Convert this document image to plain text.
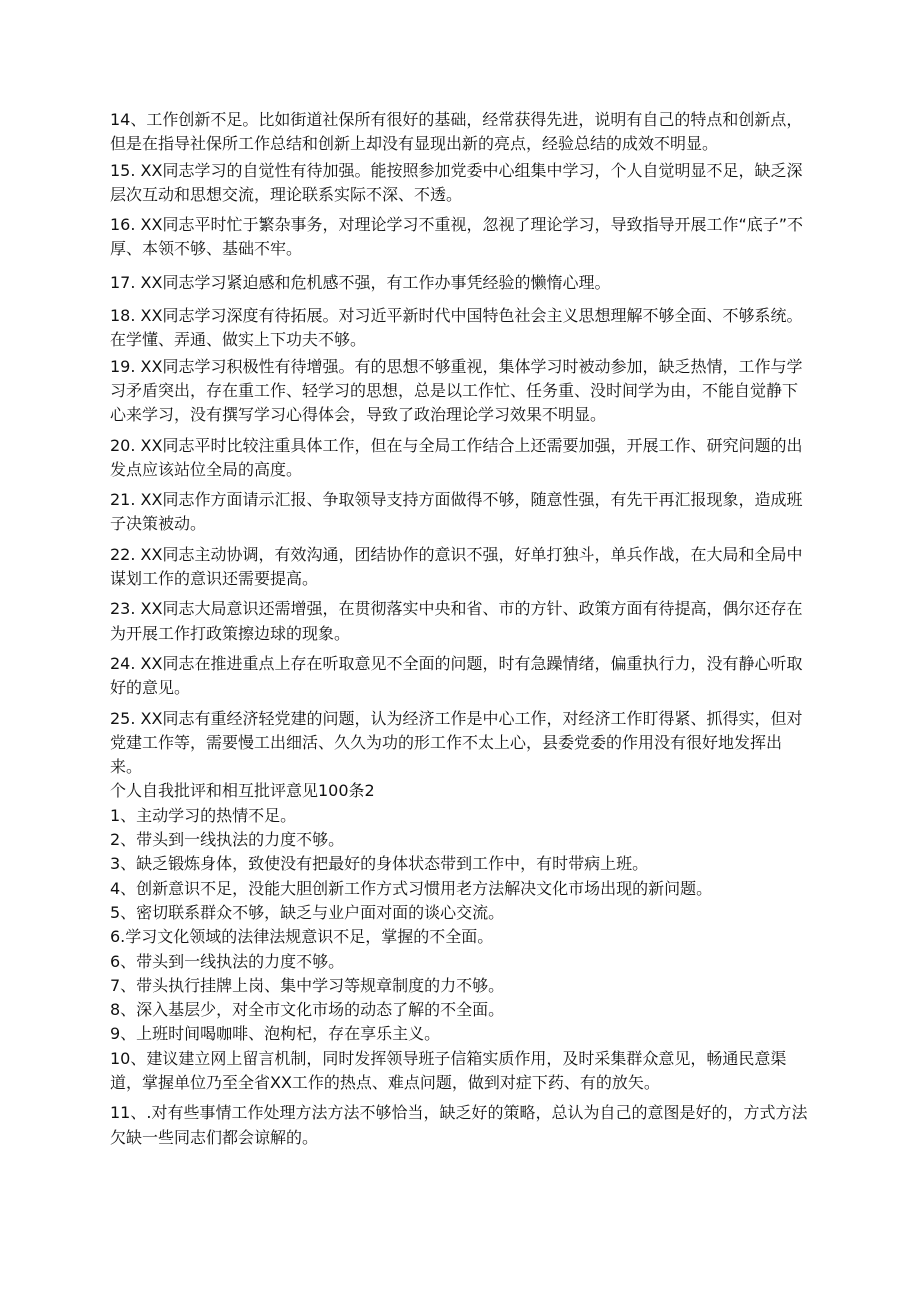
14、工作创新不足。比如街道社保所有很好的基础，经常获得先进，说明有自己的特点和创新点，但是在指导社保所工作总结和创新上却没有显现出新的亮点，经验总结的成效不明显。

15. XX同志学习的自觉性有待加强。能按照参加党委中心组集中学习，个人自觉明显不足，缺乏深层次互动和思想交流，理论联系实际不深、不透。

16. XX同志平时忙于繁杂事务，对理论学习不重视，忽视了理论学习，导致指导开展工作“底子”不厚、本领不够、基础不牢。

17. XX同志学习紧迫感和危机感不强，有工作办事凭经验的懒惰心理。

18. XX同志学习深度有待拓展。对习近平新时代中国特色社会主义思想理解不够全面、不够系统。在学懂、弄通、做实上下功夫不够。

19. XX同志学习积极性有待增强。有的思想不够重视，集体学习时被动参加，缺乏热情，工作与学习矛盾突出，存在重工作、轻学习的思想，总是以工作忙、任务重、没时间学为由，不能自觉静下心来学习，没有撰写学习心得体会，导致了政治理论学习效果不明显。

20. XX同志平时比较注重具体工作，但在与全局工作结合上还需要加强，开展工作、研究问题的出发点应该站位全局的高度。

21. XX同志作方面请示汇报、争取领导支持方面做得不够，随意性强，有先干再汇报现象，造成班子决策被动。

22. XX同志主动协调，有效沟通，团结协作的意识不强，好单打独斗，单兵作战，在大局和全局中谋划工作的意识还需要提高。

23. XX同志大局意识还需增强，在贯彻落实中央和省、市的方针、政策方面有待提高，偶尔还存在为开展工作打政策擦边球的现象。

24. XX同志在推进重点上存在听取意见不全面的问题，时有急躁情绪，偏重执行力，没有静心听取好的意见。

25. XX同志有重经济轻党建的问题，认为经济工作是中心工作，对经济工作盯得紧、抓得实，但对党建工作等，需要慢工出细活、久久为功的形工作不太上心，县委党委的作用没有很好地发挥出来。

个人自我批评和相互批评意见100条2

1、主动学习的热情不足。

2、带头到一线执法的力度不够。

3、缺乏锻炼身体，致使没有把最好的身体状态带到工作中，有时带病上班。

4、创新意识不足，没能大胆创新工作方式习惯用老方法解决文化市场出现的新问题。

5、密切联系群众不够，缺乏与业户面对面的谈心交流。

6.学习文化领域的法律法规意识不足，掌握的不全面。

6、带头到一线执法的力度不够。

7、带头执行挂牌上岗、集中学习等规章制度的力不够。

8、深入基层少，对全市文化市场的动态了解的不全面。

9、上班时间喝咖啡、泡枸杞，存在享乐主义。

10、建议建立网上留言机制，同时发挥领导班子信箱实质作用，及时采集群众意见，畅通民意渠道，掌握单位乃至全省XX工作的热点、难点问题，做到对症下药、有的放矢。

11、.对有些事情工作处理方法方法不够恰当，缺乏好的策略，总认为自己的意图是好的，方式方法欠缺一些同志们都会谅解的。
